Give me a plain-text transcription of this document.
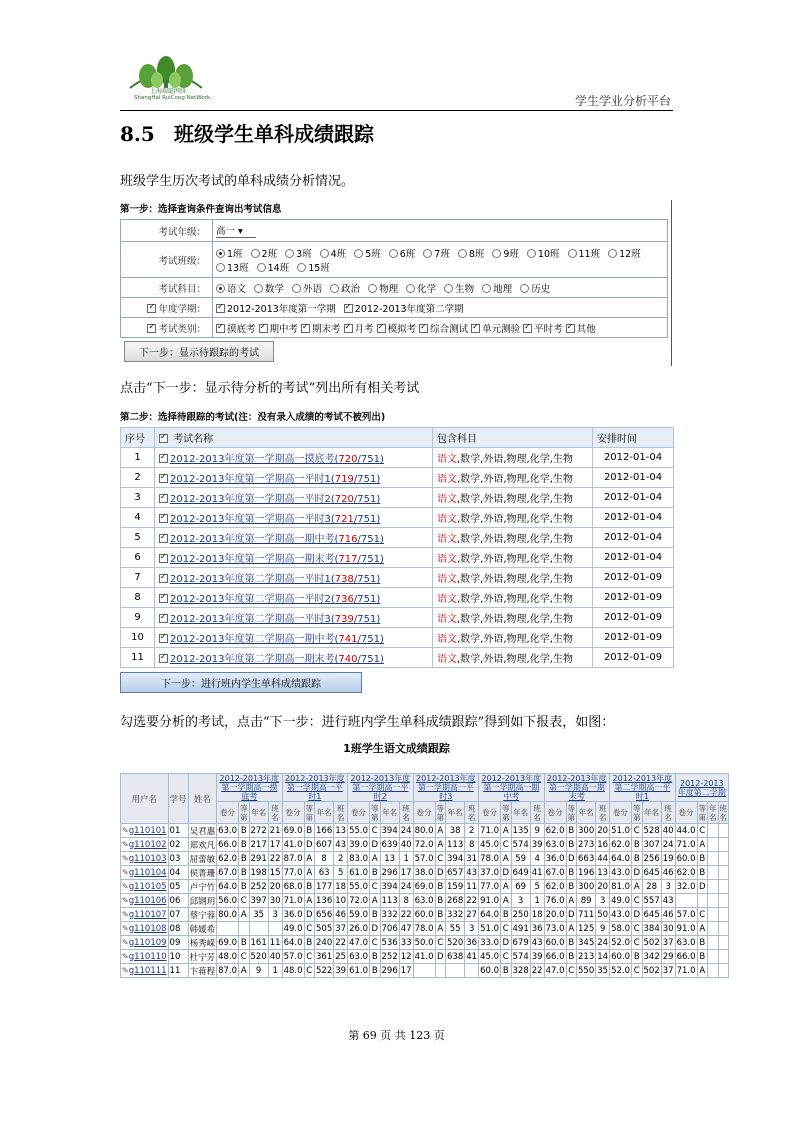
上海瑞聪网络
ShangHai RuiCong NetWork	学生学业分析平台
8.5 班级学生单科成绩跟踪
班级学生历次考试的单科成绩分析情况。
第一步：选择查询条件查询出考试信息
考试年级：	高一 ▾
考试班级：	1班 2班 3班 4班 5班 6班 7班 8班 9班 10班 11班 12班13班 14班 15班
考试科目：	语文 数学 外语 政治 物理 化学 生物 地理 历史
✓年度学期：	✓2012-2013年度第一学期 ✓ 2012-2013年度第二学期
✓考试类别：	✓摸底考 ✓ 期中考 ✓ 期末考 ✓ 月考 ✓ 模拟考 ✓ 综合测试 ✓ 单元测验 ✓ 平时考 ✓ 其他
下一步：显示待跟踪的考试
点击“下一步：显示待分析的考试”列出所有相关考试
第二步：选择待跟踪的考试(注：没有录入成绩的考试不被列出)
序号	✓考试名称	包含科目	安排时间
1	✓2012-2013年度第一学期高一摸底考(720/751)	语文,数学,外语,物理,化学,生物	2012-01-04
2	✓2012-2013年度第一学期高一平时1(719/751)	语文,数学,外语,物理,化学,生物	2012-01-04
3	✓2012-2013年度第一学期高一平时2(720/751)	语文,数学,外语,物理,化学,生物	2012-01-04
4	✓2012-2013年度第一学期高一平时3(721/751)	语文,数学,外语,物理,化学,生物	2012-01-04
5	✓2012-2013年度第一学期高一期中考(716/751)	语文,数学,外语,物理,化学,生物	2012-01-04
6	✓2012-2013年度第一学期高一期末考(717/751)	语文,数学,外语,物理,化学,生物	2012-01-04
7	✓2012-2013年度第二学期高一平时1(738/751)	语文,数学,外语,物理,化学,生物	2012-01-09
8	✓2012-2013年度第二学期高一平时2(736/751)	语文,数学,外语,物理,化学,生物	2012-01-09
9	✓2012-2013年度第二学期高一平时3(739/751)	语文,数学,外语,物理,化学,生物	2012-01-09
10	✓2012-2013年度第二学期高一期中考(741/751)	语文,数学,外语,物理,化学,生物	2012-01-09
11	✓2012-2013年度第二学期高一期末考(740/751)	语文,数学,外语,物理,化学,生物	2012-01-09
下一步：进行班内学生单科成绩跟踪
勾选要分析的考试，点击“下一步：进行班内学生单科成绩跟踪”得到如下报表，如图：
1班学生语文成绩跟踪
用户名	学号	姓名	2012-2013年度第一学期高一摸底考				2012-2013年度第一学期高一平时1				2012-2013年度第一学期高一平时2				2012-2013年度第一学期高一平时3				2012-2013年度第一学期高一期中考				2012-2013年度第一学期高一期末考				2012-2013年度第二学期高一平时1				2012-2013年度第二学期			
			卷分	等第	年名	班名	卷分	等第	年名	班名	卷分	等第	年名	班名	卷分	等第	年名	班名	卷分	等第	年名	班名	卷分	等第	年名	班名	卷分	等第	年名	班名	卷分	等第	年名	班名
✎g110101	01	吴君惠	63.0	B	272	21	69.0	B	166	13	55.0	C	394	24	80.0	A	38	2	71.0	A	135	9	62.0	B	300	20	51.0	C	528	40	44.0	C		
✎g110102	02	郑欢凡	66.0	B	217	17	41.0	D	607	43	39.0	D	639	40	72.0	A	113	8	45.0	C	574	39	63.0	B	273	16	62.0	B	307	24	71.0	A		
✎g110103	03	屈蕾敏	62.0	B	291	22	87.0	A	8	2	83.0	A	13	1	57.0	C	394	31	78.0	A	59	4	36.0	D	663	44	64.0	B	256	19	60.0	B		
✎g110104	04	侯菁珊	67.0	B	198	15	77.0	A	63	5	61.0	B	296	17	38.0	D	657	43	37.0	D	649	41	67.0	B	196	13	43.0	D	645	46	62.0	B		
✎g110105	05	卢宁竹	64.0	B	252	20	68.0	B	177	18	55.0	C	394	24	69.0	B	159	11	77.0	A	69	5	62.0	B	300	20	81.0	A	28	3	32.0	D		
✎g110106	06	邱钢玥	56.0	C	397	30	71.0	A	136	10	72.0	A	113	8	63.0	B	268	22	91.0	A	3	1	76.0	A	89	3	49.0	C	557	43				
✎g110107	07	蔡宁蓉	80.0	A	35	3	36.0	D	656	46	59.0	B	332	22	60.0	B	332	27	64.0	B	250	18	20.0	D	711	50	43.0	D	645	46	57.0	C		
✎g110108	08	韩媛希					49.0	C	505	37	26.0	D	706	47	78.0	A	55	3	51.0	C	491	36	73.0	A	125	9	58.0	C	384	30	91.0	A		
✎g110109	09	杨秀嵘	69.0	B	161	11	64.0	B	240	22	47.0	C	536	33	50.0	C	520	36	33.0	D	679	43	60.0	B	345	24	52.0	C	502	37	63.0	B		
✎g110110	10	杜宁芳	48.0	C	520	40	57.0	C	361	25	63.0	B	252	12	41.0	D	638	41	45.0	C	574	39	66.0	B	213	14	60.0	B	342	29	66.0	B		
✎g110111	11	卞蒋程	87.0	A	9	1	48.0	C	522	39	61.0	B	296	17					60.0	B	328	22	47.0	C	550	35	52.0	C	502	37	71.0	A		
第 69 页 共 123 页
